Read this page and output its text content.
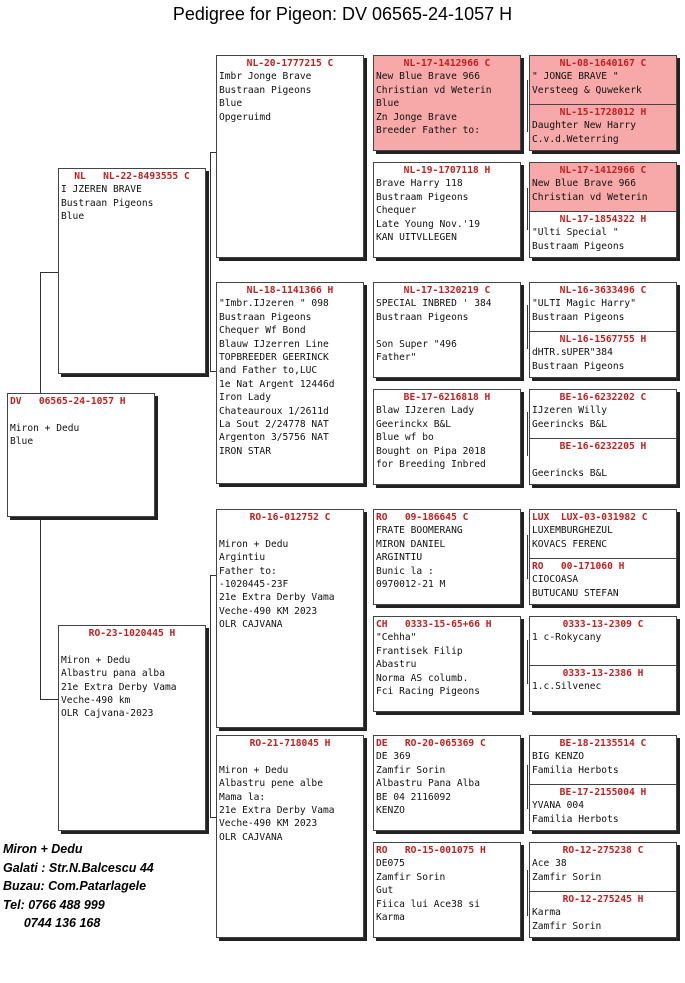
Pedigree for Pigeon: DV 06565-24-1057 H
DV   06565-24-1057 H

Miron + Dedu
Blue
NL   NL-22-8493555 C
I JZEREN BRAVE
Bustraan Pigeons
Blue
RO-23-1020445 H

Miron + Dedu
Albastru pana alba
21e Extra Derby Vama
Veche-490 km
OLR Cajvana-2023
NL-20-1777215 C
Imbr Jonge Brave
Bustraan Pigeons
Blue
Opgeruimd
NL-18-1141366 H
"Imbr.IJzeren " 098
Bustraan Pigeons
Chequer Wf Bond
Blauw IJzerren Line
TOPBREEDER GEERINCK
and Father to,LUC
1e Nat Argent 12446d
Iron Lady
Chateauroux 1/2611d
La Sout 2/24778 NAT
Argenton 3/5756 NAT
IRON STAR
RO-16-012752 C

Miron + Dedu
Argintiu
Father to:
-1020445-23F
21e Extra Derby Vama
Veche-490 KM 2023
OLR CAJVANA
RO-21-718045 H

Miron + Dedu
Albastru pene albe
Mama la:
21e Extra Derby Vama
Veche-490 KM 2023
OLR CAJVANA
NL-17-1412966 C
New Blue Brave 966
Christian vd Weterin
Blue
Zn Jonge Brave
Breeder Father to:
NL-19-1707118 H
Brave Harry 118
Bustraam Pigeons
Chequer
Late Young Nov.'19
KAN UITVLLEGEN
NL-17-1320219 C
SPECIAL INBRED ' 384
Bustraan Pigeons

Son Super "496
Father"
BE-17-6216818 H
Blaw IJzeren Lady
Geerinckx B&L
Blue wf bo
Bought on Pipa 2018
for Breeding Inbred
RO   09-186645 C
FRATE BOOMERANG
MIRON DANIEL
ARGINTIU
Bunic la :
0970012-21 M
CH   0333-15-65+66 H
"Cehha"
Frantisek Filip
Abastru
Norma AS columb.
Fci Racing Pigeons
DE   RO-20-065369 C
DE 369
Zamfir Sorin
Albastru Pana Alba
BE 04 2116092
KENZO
RO   RO-15-001075 H
DE075
Zamfir Sorin
Gut
Fiica lui Ace38 si
Karma
NL-08-1640167 C
" JONGE BRAVE "
Versteeg & Quwekerk
NL-15-1728012 H
Daughter New Harry
C.v.d.Weterring
NL-17-1412966 C
New Blue Brave 966
Christian vd Weterin
NL-17-1854322 H
"Ulti Special "
Bustraam Pigeons
NL-16-3633496 C
"ULTI Magic Harry"
Bustraan Pigeons
NL-16-1567755 H
dHTR.sUPER"384
Bustraan Pigeons
BE-16-6232202 C
IJzeren Willy
Geerincks B&L
BE-16-6232205 H

Geerincks B&L
LUX  LUX-03-031982 C
LUXEMBURGHEZUL
KOVACS FERENC
RO   00-171060 H
CIOCOASA
BUTUCANU STEFAN
0333-13-2309 C
1 c-Rokycany
0333-13-2386 H
1.c.Silvenec
BE-18-2135514 C
BIG KENZO
Familia Herbots
BE-17-2155004 H
YVANA 004
Familia Herbots
RO-12-275238 C
Ace 38
Zamfir Sorin
RO-12-275245 H
Karma
Zamfir Sorin
Miron + Dedu
Galati : Str.N.Balcescu 44
Buzau: Com.Patarlagele
Tel: 0766 488 999
0744 136 168
